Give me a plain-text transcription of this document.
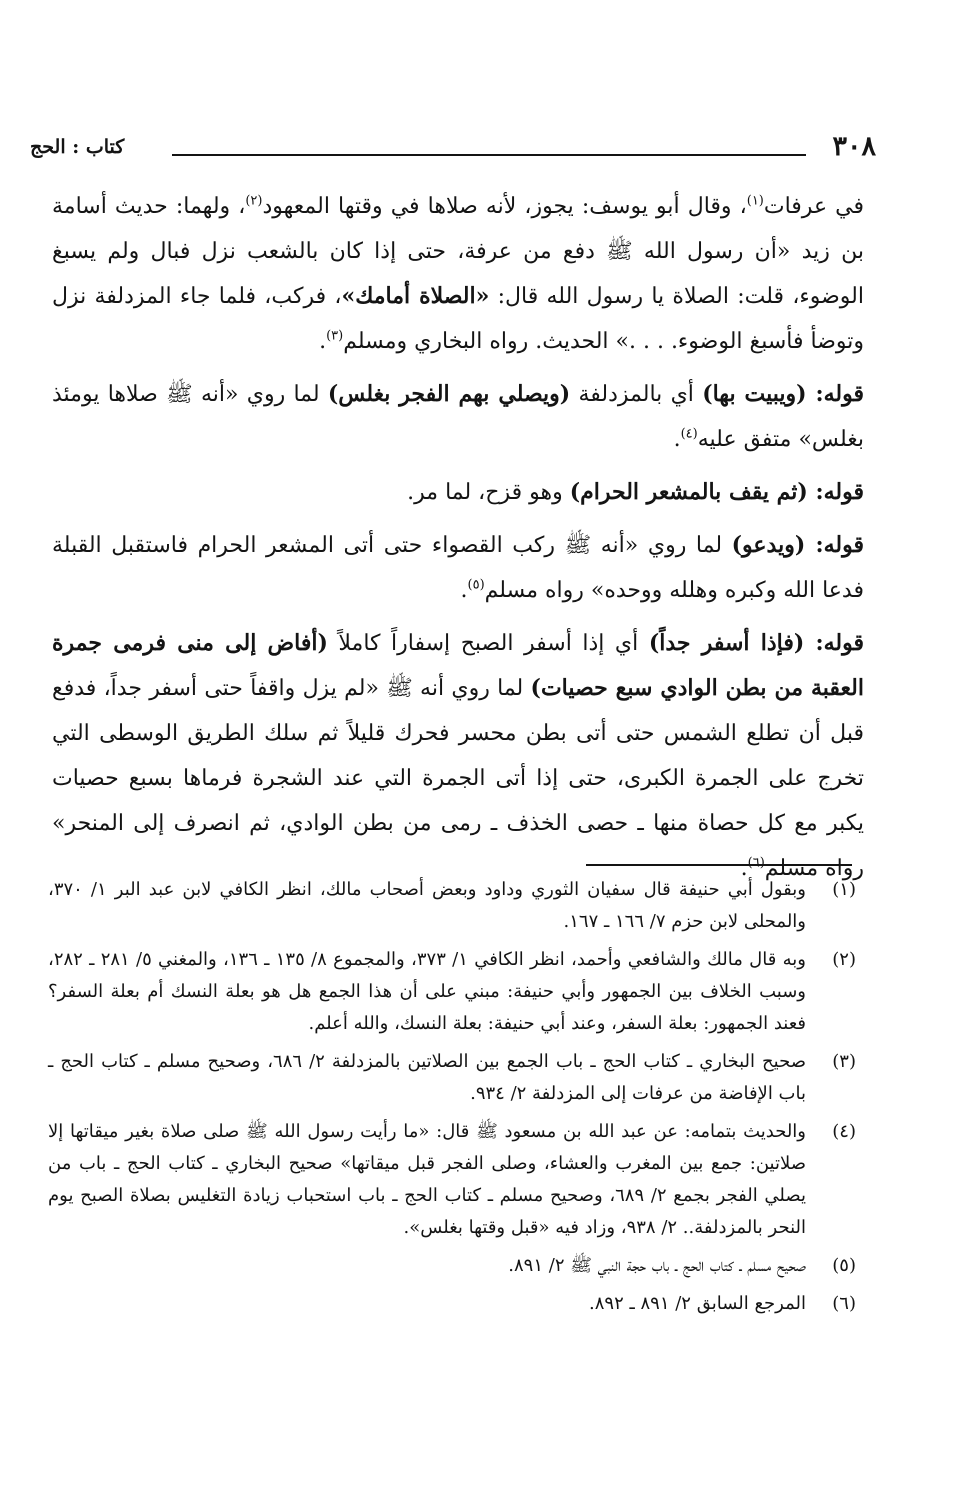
٣٠٨
كتاب : الحج

في عرفات$^{(١)}$، وقال أبو يوسف: يجوز، لأنه صلاها في وقتها المعهود$^{(٢)}$، ولهما: حديث أسامة بن زيد «أن رسول الله ﷺ دفع من عرفة، حتى إذا كان بالشعب نزل فبال ولم يسبغ الوضوء، قلت: الصلاة يا رسول الله قال: «الصلاة أمامك»، فركب، فلما جاء المزدلفة نزل وتوضأ فأسبغ الوضوء. . . .» الحديث. رواه البخاري ومسلم$^{(٣)}$.

قوله: (ويبيت بها) أي بالمزدلفة (ويصلي بهم الفجر بغلس) لما روي «أنه ﷺ صلاها يومئذ بغلس» متفق عليه$^{(٤)}$.

قوله: (ثم يقف بالمشعر الحرام) وهو قزح، لما مر.

قوله: (ويدعو) لما روي «أنه ﷺ ركب القصواء حتى أتى المشعر الحرام فاستقبل القبلة فدعا الله وكبره وهلله ووحده» رواه مسلم$^{(٥)}$.

قوله: (فإذا أسفر جداً) أي إذا أسفر الصبح إسفاراً كاملاً (أفاض إلى منى فرمى جمرة العقبة من بطن الوادي سبع حصيات) لما روي أنه ﷺ «لم يزل واقفاً حتى أسفر جداً، فدفع قبل أن تطلع الشمس حتى أتى بطن محسر فحرك قليلاً ثم سلك الطريق الوسطى التي تخرج على الجمرة الكبرى، حتى إذا أتى الجمرة التي عند الشجرة فرماها بسبع حصيات يكبر مع كل حصاة منها ـ حصى الخذف ـ رمى من بطن الوادي، ثم انصرف إلى المنحر» رواه مسلم$^{(٦)}$.

(١)
وبقول أبي حنيفة قال سفيان الثوري وداود وبعض أصحاب مالك، انظر الكافي لابن عبد البر ١/ ٣٧٠، والمحلى لابن حزم ٧/ ١٦٦ ـ ١٦٧.
(٢)
وبه قال مالك والشافعي وأحمد، انظر الكافي ١/ ٣٧٣، والمجموع ٨/ ١٣٥ ـ ١٣٦، والمغني ٥/ ٢٨١ ـ ٢٨٢، وسبب الخلاف بين الجمهور وأبي حنيفة: مبني على أن هذا الجمع هل هو بعلة النسك أم بعلة السفر؟ فعند الجمهور: بعلة السفر، وعند أبي حنيفة: بعلة النسك، والله أعلم.
(٣)
صحيح البخاري ـ كتاب الحج ـ باب الجمع بين الصلاتين بالمزدلفة ٢/ ٦٨٦، وصحيح مسلم ـ كتاب الحج ـ باب الإفاضة من عرفات إلى المزدلفة ٢/ ٩٣٤.
(٤)
والحديث بتمامه: عن عبد الله بن مسعود ﷺ قال: «ما رأيت رسول الله ﷺ صلى صلاة بغير ميقاتها إلا صلاتين: جمع بين المغرب والعشاء، وصلى الفجر قبل ميقاتها» صحيح البخاري ـ كتاب الحج ـ باب من يصلي الفجر بجمع ٢/ ٦٨٩، وصحيح مسلم ـ كتاب الحج ـ باب استحباب زيادة التغليس بصلاة الصبح يوم النحر بالمزدلفة.. ٢/ ٩٣٨، وزاد فيه «قبل وقتها بغلس».
(٥)
صحيح مسلم ـ كتاب الحج ـ باب حجة النبي ﷺ ٢/ ٨٩١.
(٦)
المرجع السابق ٢/ ٨٩١ ـ ٨٩٢.
